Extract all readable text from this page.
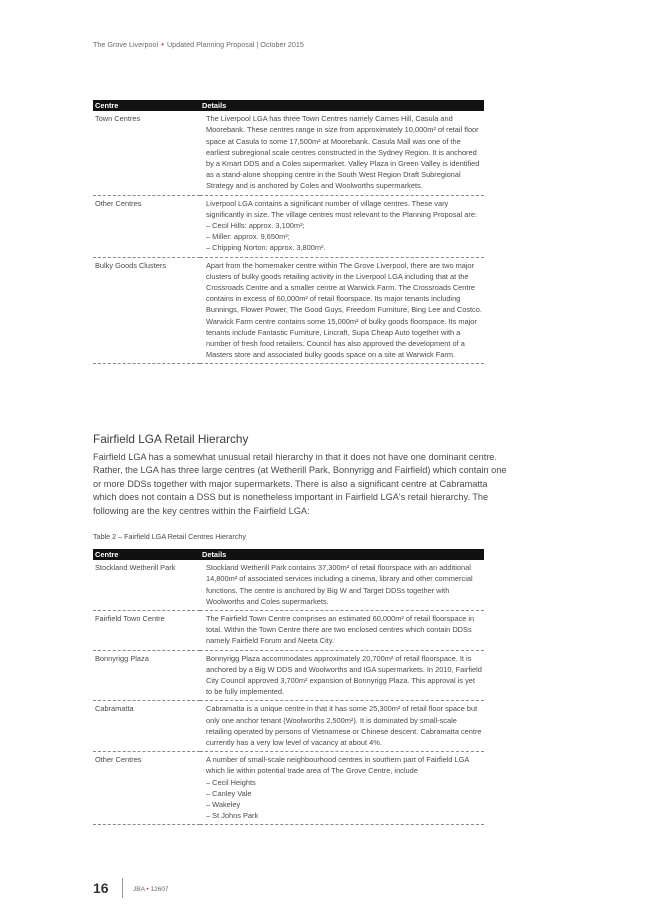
The Grove Liverpool • Updated Planning Proposal | October 2015
Centre	Details
Town Centres	The Liverpool LGA has three Town Centres namely Carnes Hill, Casula and Moorebank. These centres range in size from approximately 10,000m² of retail floor space at Casula to some 17,500m² at Moorebank. Casula Mall was one of the earliest subregional scale centres constructed in the Sydney Region. It is anchored by a Kmart DDS and a Coles supermarket. Valley Plaza in Green Valley is identified as a stand-alone shopping centre in the South West Region Draft Subregional Strategy and is anchored by Coles and Woolworths supermarkets.

Other Centres	Liverpool LGA contains a significant number of village centres. These vary significantly in size. The village centres most relevant to the Planning Proposal are:
– Cecil Hills: approx. 3,100m²;
– Miller: approx. 9,650m²;
– Chipping Norton: approx. 3,800m².

Bulky Goods Clusters	Apart from the homemaker centre within The Grove Liverpool, there are two major clusters of bulky goods retailing activity in the Liverpool LGA including that at the Crossroads Centre and a smaller centre at Warwick Farm. The Crossroads Centre contains in excess of 60,000m² of retail floorspace. Its major tenants including Bunnings, Flower Power, The Good Guys, Freedom Furniture, Bing Lee and Costco.
Warwick Farm centre contains some 15,000m² of bulky goods floorspace. Its major tenants include Fantastic Furniture, Lincraft, Supa Cheap Auto together with a number of fresh food retailers. Council has also approved the development of a Masters store and associated bulky goods space on a site at Warwick Farm.
Fairfield LGA Retail Hierarchy

Fairfield LGA has a somewhat unusual retail hierarchy in that it does not have one dominant centre. Rather, the LGA has three large centres (at Wetherill Park, Bonnyrigg and Fairfield) which contain one or more DDSs together with major supermarkets. There is also a significant centre at Cabramatta which does not contain a DSS but is nonetheless important in Fairfield LGA's retail hierarchy. The following are the key centres within the Fairfield LGA:

Table 2 – Fairfield LGA Retail Centres Hierarchy

Centre	Details
Stockland Wetherill Park	Stockland Wetherill Park contains 37,300m² of retail floorspace with an additional 14,800m² of associated services including a cinema, library and other commercial functions. The centre is anchored by Big W and Target DDSs together with Woolworths and Coles supermarkets.

Fairfield Town Centre	The Fairfield Town Centre comprises an estimated 60,000m² of retail floorspace in total. Within the Town Centre there are two enclosed centres which contain DDSs namely Fairfield Forum and Neeta City.

Bonnyrigg Plaza	Bonnyrigg Plaza accommodates approximately 20,700m² of retail floorspace. It is anchored by a Big W DDS and Woolworths and IGA supermarkets. In 2010, Fairfield City Council approved 3,700m² expansion of Bonnyrigg Plaza. This approval is yet to be fully implemented.

Cabramatta	Cabramatta is a unique centre in that it has some 25,300m² of retail floor space but only one anchor tenant (Woolworths 2,500m²). It is dominated by small-scale retailing operated by persons of Vietnamese or Chinese descent. Cabramatta centre currently has a very low level of vacancy at about 4%.

Other Centres	A number of small-scale neighbourhood centres in southern part of Fairfield LGA which lie within potential trade area of The Grove Centre, include
– Cecil Heights
– Canley Vale
– Wakeley
– St Johns Park
16	JBA • 12607
